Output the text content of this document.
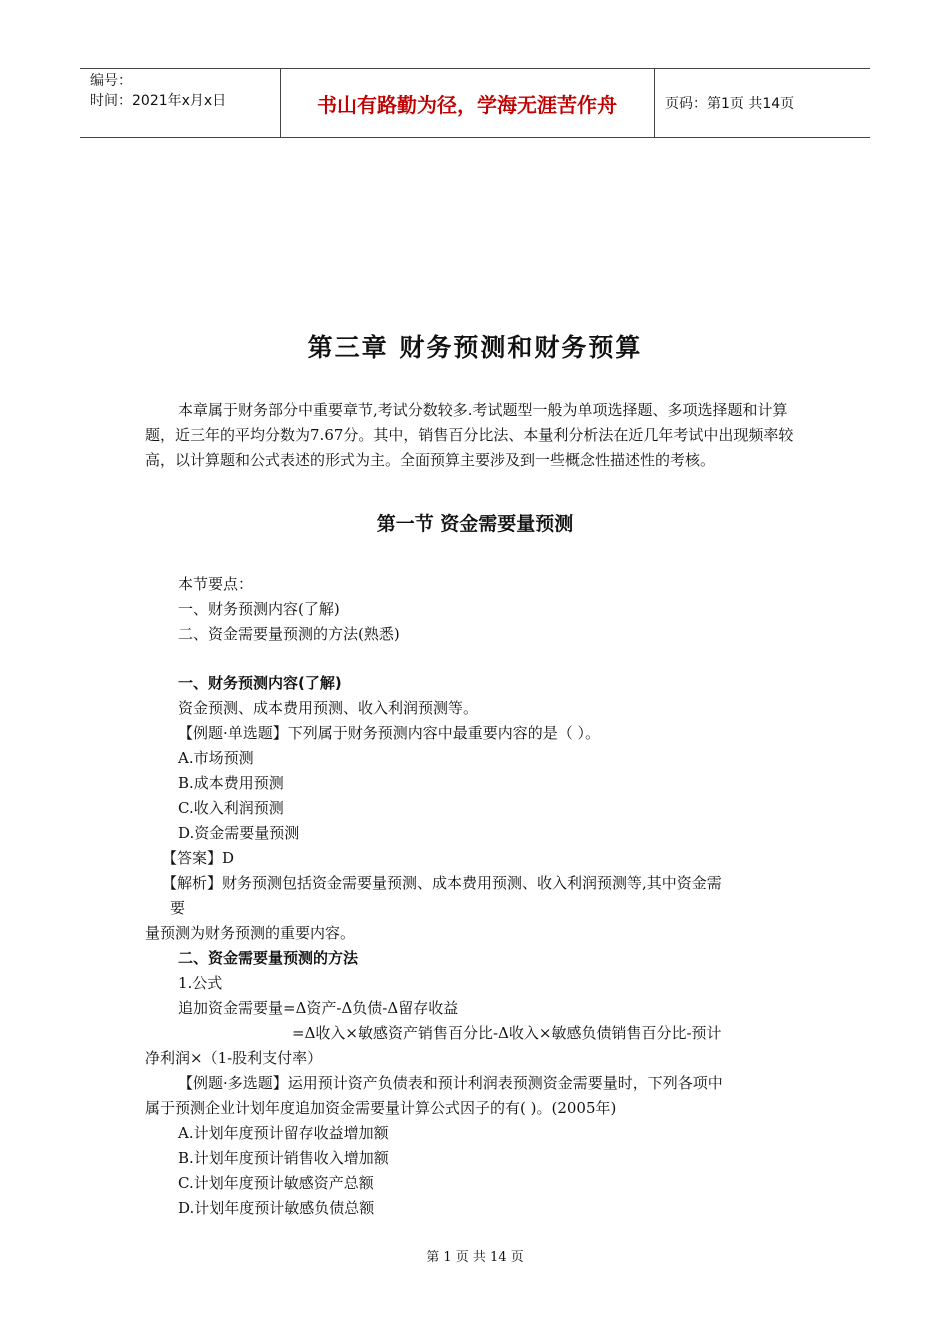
编号：
时间：2021年x月x日	书山有路勤为径，学海无涯苦作舟	页码：第1页 共14页
第三章 财务预测和财务预算

本章属于财务部分中重要章节,考试分数较多.考试题型一般为单项选择题、多项选择题和计算题，近三年的平均分数为7.67分。其中，销售百分比法、本量利分析法在近几年考试中出现频率较高，以计算题和公式表述的形式为主。全面预算主要涉及到一些概念性描述性的考核。

第一节 资金需要量预测
本节要点：
一、财务预测内容(了解)
二、资金需要量预测的方法(熟悉)
一、财务预测内容(了解)
资金预测、成本费用预测、收入利润预测等。
【例题·单选题】下列属于财务预测内容中最重要内容的是（ ）。
A.市场预测
B.成本费用预测
C.收入利润预测
D.资金需要量预测
【答案】D
【解析】财务预测包括资金需要量预测、成本费用预测、收入利润预测等,其中资金需
要
量预测为财务预测的重要内容。
二、资金需要量预测的方法
1.公式
追加资金需要量=Δ资产-Δ负债-Δ留存收益
=Δ收入×敏感资产销售百分比-Δ收入×敏感负债销售百分比-预计
净利润×（1-股利支付率）
【例题·多选题】运用预计资产负债表和预计利润表预测资金需要量时，下列各项中
属于预测企业计划年度追加资金需要量计算公式因子的有( )。(2005年)
A.计划年度预计留存收益增加额
B.计划年度预计销售收入增加额
C.计划年度预计敏感资产总额
D.计划年度预计敏感负债总额
第 1 页 共 14 页
